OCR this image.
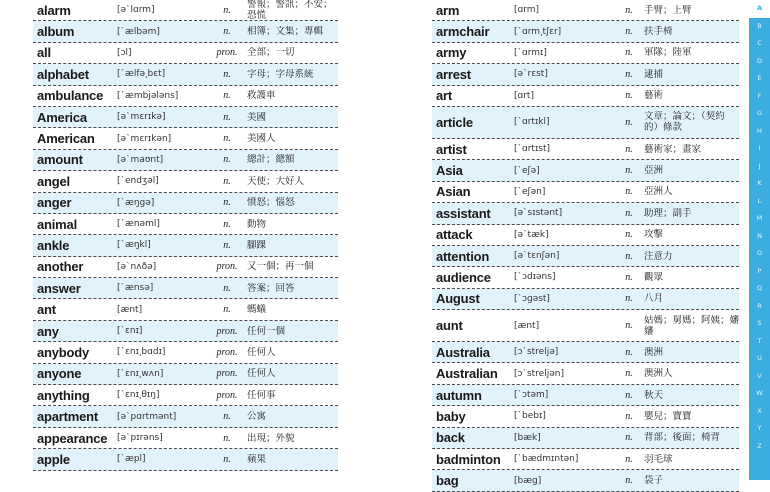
alarm	[ə`lɑrm]	n.	警報；警訊；不安；恐慌
album	[`ælbəm]	n.	相簿；文集；專輯
all	[ɔl]	pron. 全部；一切
alphabet	[`ælfə͵bɛt]	n.	字母；字母系統
ambulance	[`æmbjələns]	n.	救護車
America	[ə`mɛrɪkə]	n.	美國
American	[ə`mɛrɪkən]	n.	美國人
amount	[ə`maʊnt]	n.	總計；總額
angel	[`endʒəl]	n.	天使；大好人
anger	[`æŋgə]	n.	憤怒；惱怒
animal	[`ænəml]	n.	動物
ankle	[`æŋkl]	n.	腳踝
another	[ə`nʌðə]	pron. 又一個；再一個
answer	[`ænsə]	n.	答案；回答
ant	[ænt]	n.	螞蟻
any	[`ɛnɪ]	pron. 任何一個
anybody	[`ɛnɪ͵bɑdɪ]	pron. 任何人
anyone	[`ɛnɪ͵wʌn]	pron. 任何人
anything	[`ɛnɪ͵θɪŋ]	pron. 任何事
apartment	[ə`pɑrtmənt]	n.	公寓
appearance	[ə`pɪrəns]	n.	出現；外貌
apple	[`æpl]	n.	蘋果
arm	[ɑrm]	n.	手臂；上臂
armchair	[`ɑrm͵tʃɛr]	n.	扶手椅
army	[`ɑrmɪ]	n.	軍隊；陸軍
arrest	[ə`rɛst]	n.	逮捕
art	[ɑrt]	n.	藝術
article	[`ɑrtɪkl]	n.	文章；論文；（契約的）條款
artist	[`ɑrtɪst]	n.	藝術家；畫家
Asia	[`eʃə]	n.	亞洲
Asian	[`eʃən]	n.	亞洲人
assistant	[ə`sɪstənt]	n.	助理；副手
attack	[ə`tæk]	n.	攻擊
attention	[ə`tɛnʃən]	n.	注意力
audience	[`ɔdɪəns]	n.	觀眾
August	[`ɔgəst]	n.	八月
aunt	[ænt]	n.	姑媽；舅媽；阿姨；嬸嬸
Australia	[ɔ`streljə]	n.	澳洲
Australian	[ɔ`streljən]	n.	澳洲人
autumn	[`ɔtəm]	n.	秋天
baby	[`bebɪ]	n.	嬰兒；寶寶
back	[bæk]	n.	背部；後面；椅背
badminton	[`bædmɪntən]	n.	羽毛球
bag	[bæg]	n.	袋子
A
B
C
D
E
F
G
H
I
J
K
L
M
N
O
P
Q
R
S
T
U
V
W
X
Y
Z
